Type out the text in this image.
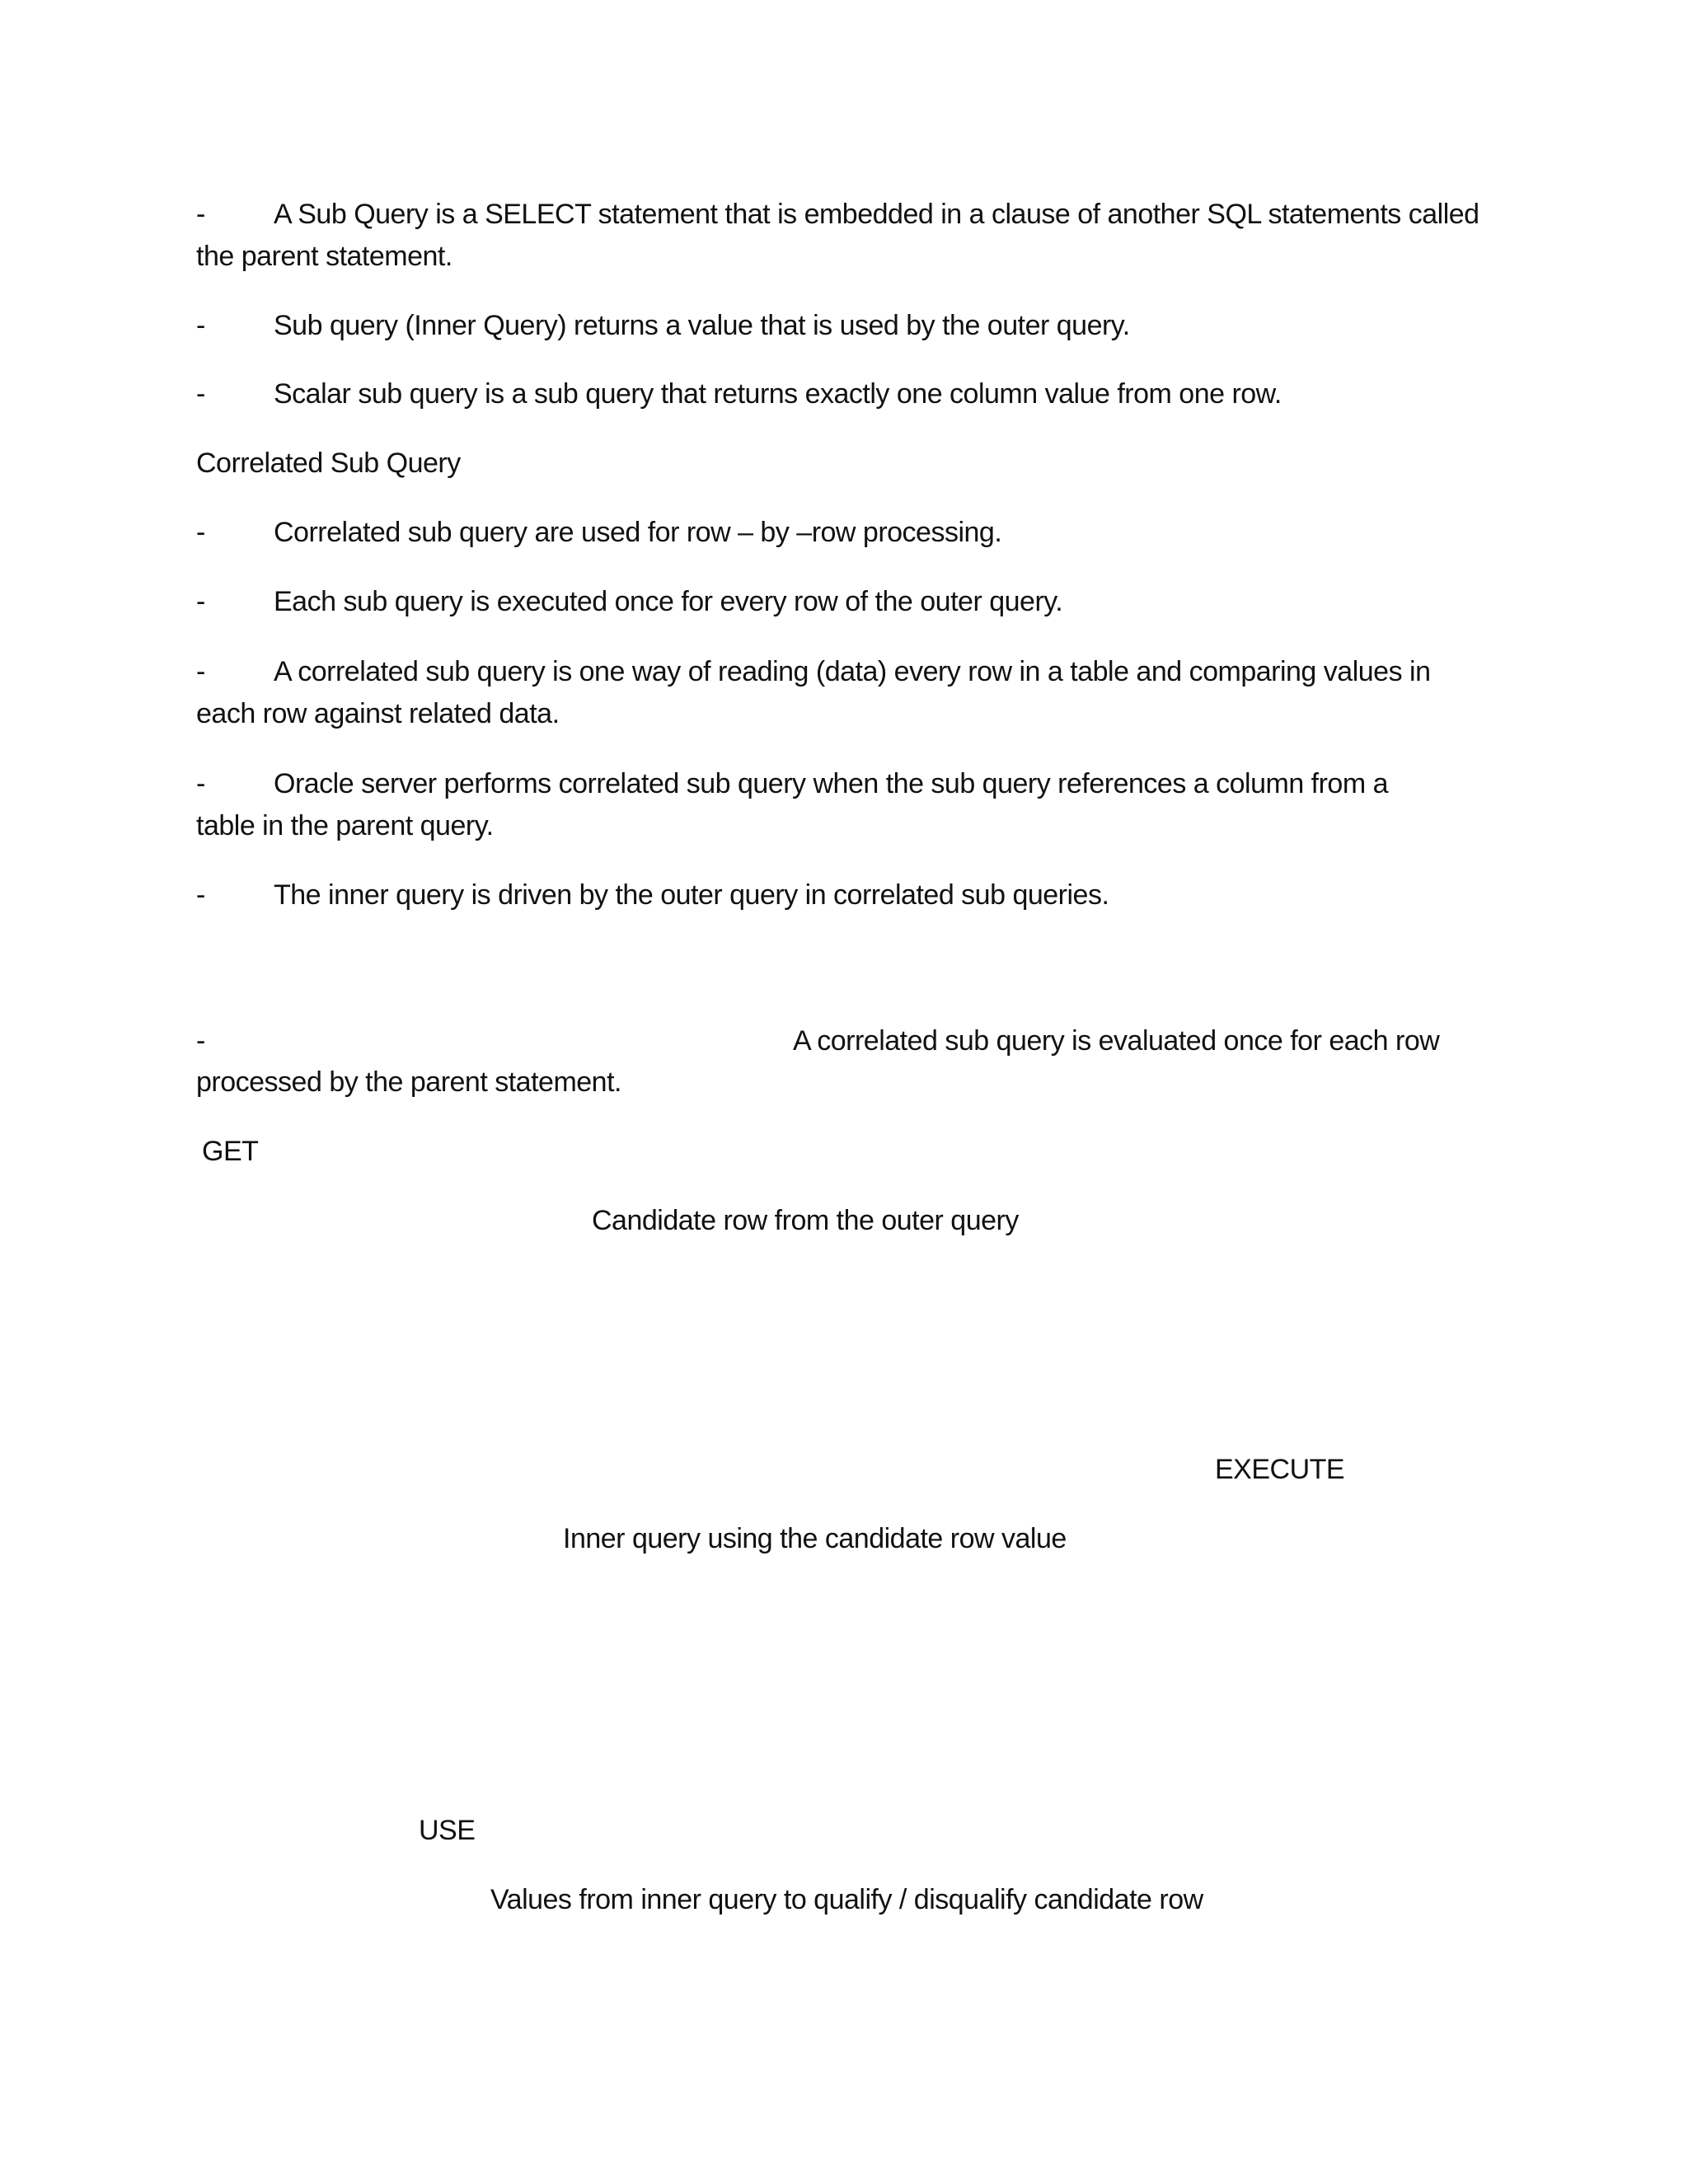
- A Sub Query is a SELECT statement that is embedded in a clause of another SQL statements called
the parent statement.
- Sub query (Inner Query) returns a value that is used by the outer query.
- Scalar sub query is a sub query that returns exactly one column value from one row.
Correlated Sub Query
- Correlated sub query are used for row – by –row processing.
- Each sub query is executed once for every row of the outer query.
- A correlated sub query is one way of reading (data) every row in a table and comparing values in
each row against related data.
- Oracle server performs correlated sub query when the sub query references a column from a
table in the parent query.
- The inner query is driven by the outer query in correlated sub queries.
-	A correlated sub query is evaluated once for each row
processed by the parent statement.
GET
Candidate row from the outer query
EXECUTE
Inner query using the candidate row value
USE
Values from inner query to qualify / disqualify candidate row
